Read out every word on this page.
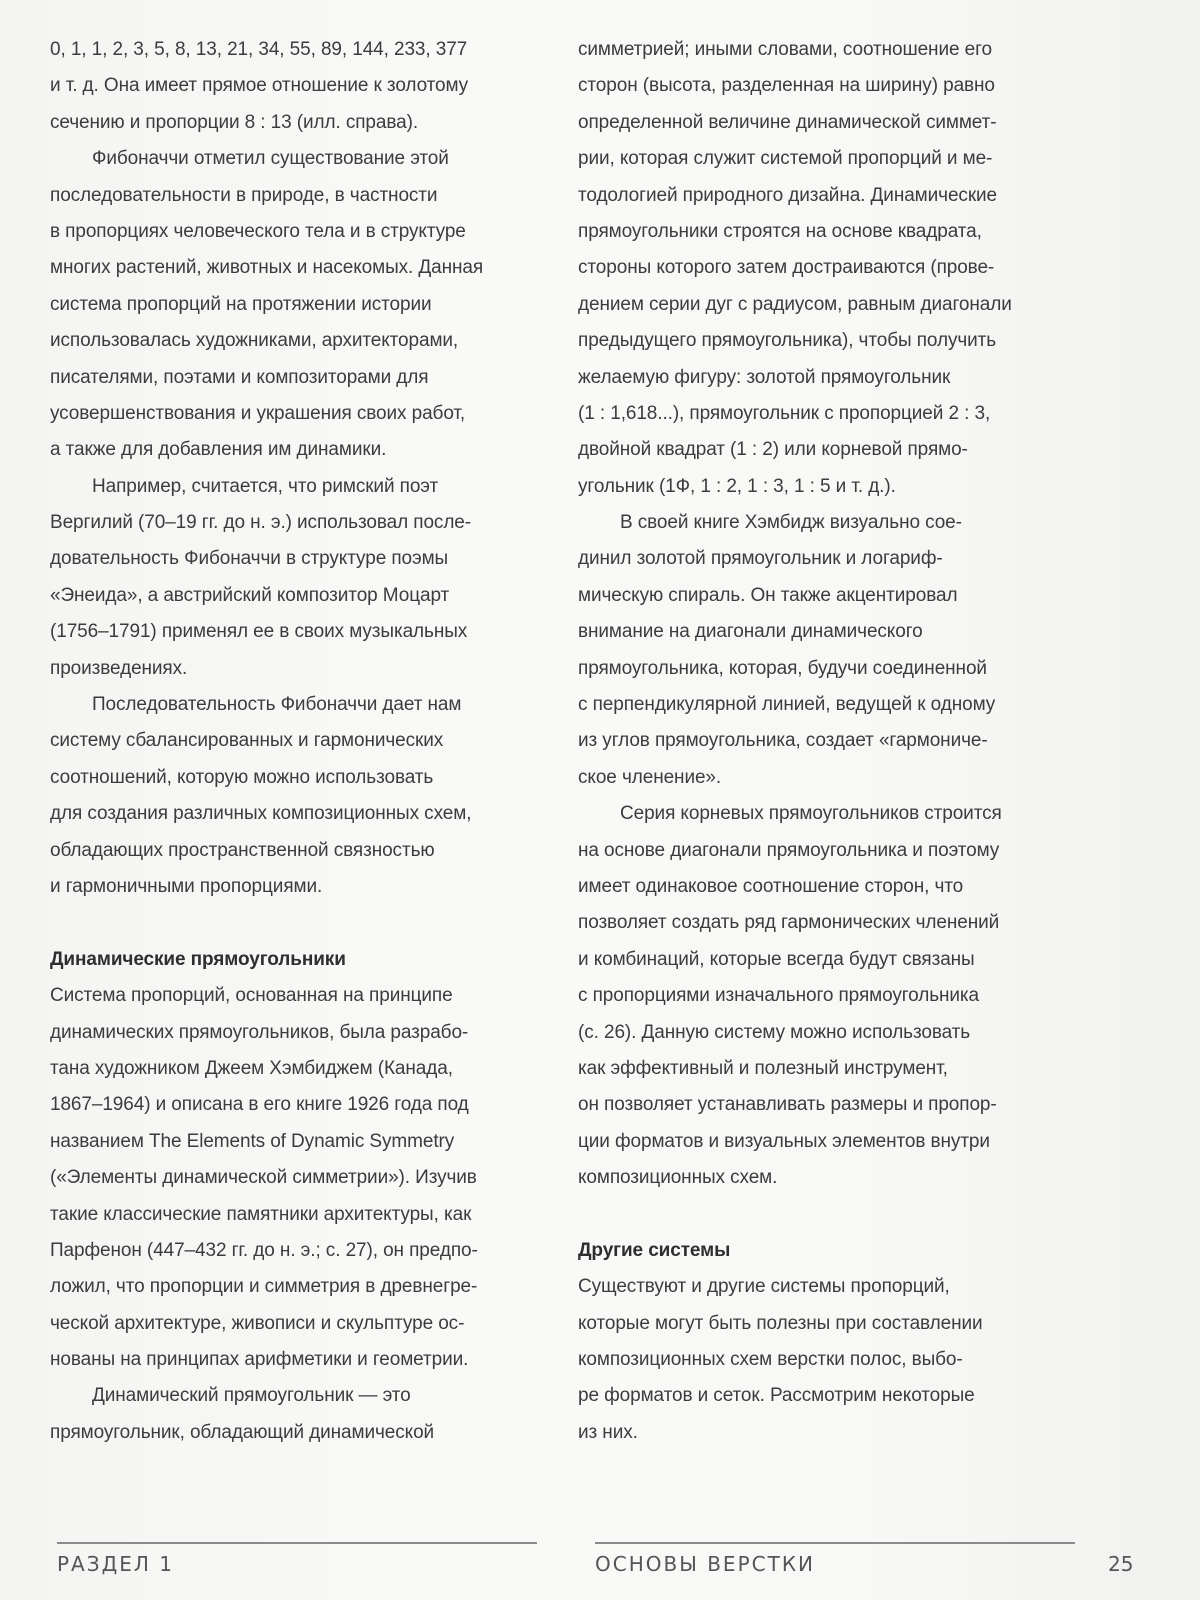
0, 1, 1, 2, 3, 5, 8, 13, 21, 34, 55, 89, 144, 233, 377
и т. д. Она имеет прямое отношение к золотому
сечению и пропорции 8 : 13 (илл. справа).
Фибоначчи отметил существование этой
последовательности в природе, в частности
в пропорциях человеческого тела и в структуре
многих растений, животных и насекомых. Данная
система пропорций на протяжении истории
использовалась художниками, архитекторами,
писателями, поэтами и композиторами для
усовершенствования и украшения своих работ,
а также для добавления им динамики.
Например, считается, что римский поэт
Вергилий (70–19 гг. до н. э.) использовал после-
довательность Фибоначчи в структуре поэмы
«Энеида», а австрийский композитор Моцарт
(1756–1791) применял ее в своих музыкальных
произведениях.
Последовательность Фибоначчи дает нам
систему сбалансированных и гармонических
соотношений, которую можно использовать
для создания различных композиционных схем,
обладающих пространственной связностью
и гармоничными пропорциями.
Динамические прямоугольники
Система пропорций, основанная на принципе
динамических прямоугольников, была разрабо-
тана художником Джеем Хэмбиджем (Канада,
1867–1964) и описана в его книге 1926 года под
названием The Elements of Dynamic Symmetry
(«Элементы динамической симметрии»). Изучив
такие классические памятники архитектуры, как
Парфенон (447–432 гг. до н. э.; с. 27), он предпо-
ложил, что пропорции и симметрия в древнегре-
ческой архитектуре, живописи и скульптуре ос-
нованы на принципах арифметики и геометрии.
Динамический прямоугольник — это
прямоугольник, обладающий динамической
симметрией; иными словами, соотношение его
сторон (высота, разделенная на ширину) равно
определенной величине динамической симмет-
рии, которая служит системой пропорций и ме-
тодологией природного дизайна. Динамические
прямоугольники строятся на основе квадрата,
стороны которого затем достраиваются (прове-
дением серии дуг с радиусом, равным диагонали
предыдущего прямоугольника), чтобы получить
желаемую фигуру: золотой прямоугольник
(1 : 1,618...), прямоугольник с пропорцией 2 : 3,
двойной квадрат (1 : 2) или корневой прямо-
угольник (1Ф, 1 : 2, 1 : 3, 1 : 5 и т. д.).
В своей книге Хэмбидж визуально сое-
динил золотой прямоугольник и логариф-
мическую спираль. Он также акцентировал
внимание на диагонали динамического
прямоугольника, которая, будучи соединенной
с перпендикулярной линией, ведущей к одному
из углов прямоугольника, создает «гармониче-
ское членение».
Серия корневых прямоугольников строится
на основе диагонали прямоугольника и поэтому
имеет одинаковое соотношение сторон, что
позволяет создать ряд гармонических членений
и комбинаций, которые всегда будут связаны
с пропорциями изначального прямоугольника
(с. 26). Данную систему можно использовать
как эффективный и полезный инструмент,
он позволяет устанавливать размеры и пропор-
ции форматов и визуальных элементов внутри
композиционных схем.
Другие системы
Существуют и другие системы пропорций,
которые могут быть полезны при составлении
композиционных схем верстки полос, выбо-
ре форматов и сеток. Рассмотрим некоторые
из них.
РАЗДЕЛ 1	ОСНОВЫ ВЕРСТКИ	25
